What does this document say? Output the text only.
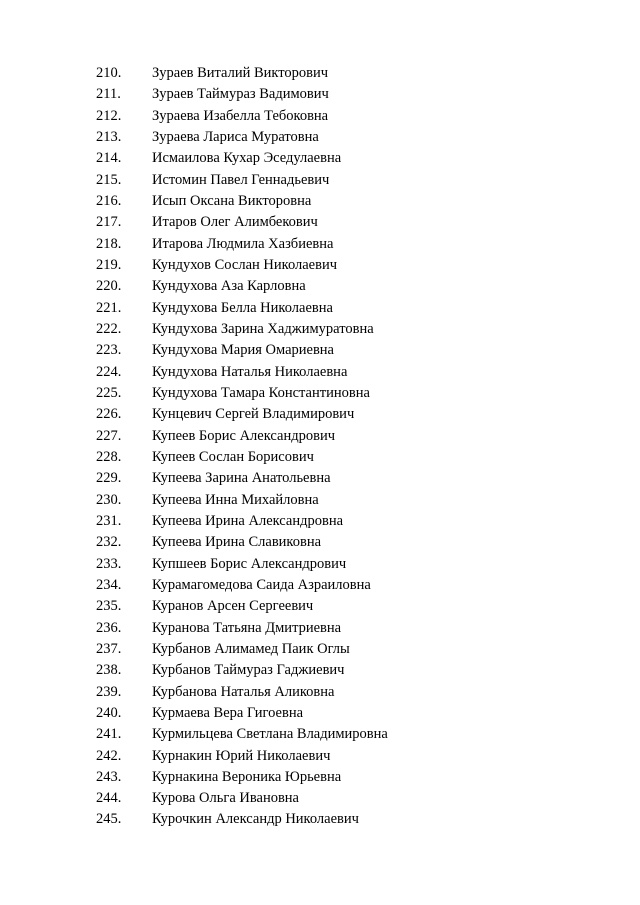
210. Зураев Виталий Викторович
211. Зураев Таймураз Вадимович
212. Зураева Изабелла Тебоковна
213. Зураева Лариса Муратовна
214. Исмаилова Кухар Эседулаевна
215. Истомин Павел Геннадьевич
216. Исып Оксана Викторовна
217. Итаров Олег Алимбекович
218. Итарова Людмила Хазбиевна
219. Кундухов Сослан Николаевич
220. Кундухова Аза Карловна
221. Кундухова Белла Николаевна
222. Кундухова Зарина Хаджимуратовна
223. Кундухова Мария Омариевна
224. Кундухова Наталья Николаевна
225. Кундухова Тамара Константиновна
226. Кунцевич Сергей Владимирович
227. Купеев Борис Александрович
228. Купеев Сослан Борисович
229. Купеева Зарина Анатольевна
230. Купеева Инна Михайловна
231. Купеева Ирина Александровна
232. Купеева Ирина Славиковна
233. Купшеев Борис Александрович
234. Курамагомедова Саида Азраиловна
235. Куранов Арсен Сергеевич
236. Куранова Татьяна Дмитриевна
237. Курбанов Алимамед Паик Оглы
238. Курбанов Таймураз Гаджиевич
239. Курбанова Наталья Аликовна
240. Курмаева Вера Гигоевна
241. Курмильцева Светлана Владимировна
242. Курнакин Юрий Николаевич
243. Курнакина Вероника Юрьевна
244. Курова Ольга Ивановна
245. Курочкин Александр Николаевич
